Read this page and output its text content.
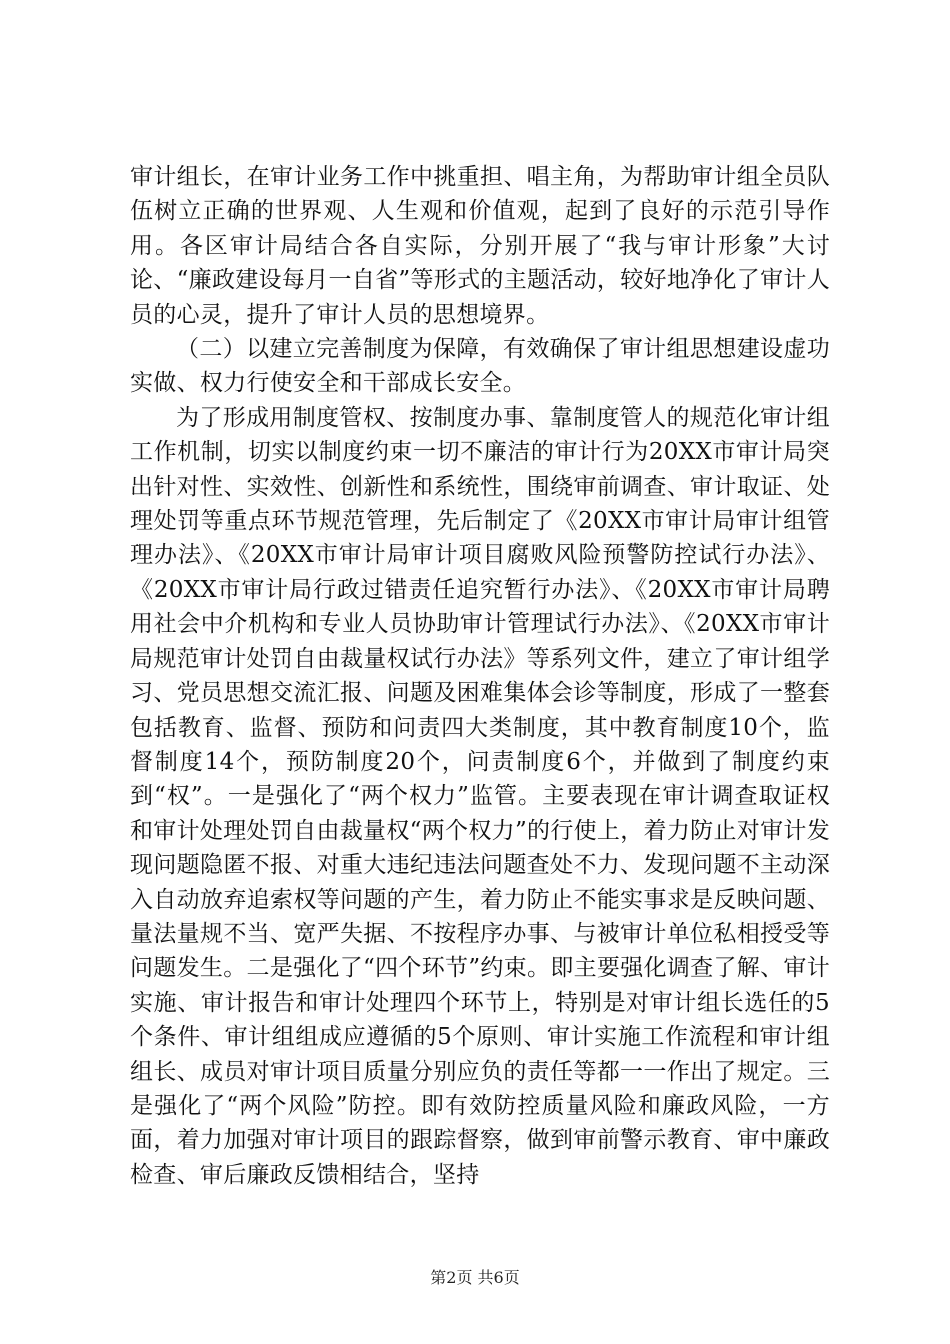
审计组长，在审计业务工作中挑重担、唱主角，为帮助审计组全员队伍树立正确的世界观、人生观和价值观，起到了良好的示范引导作用。各区审计局结合各自实际，分别开展了“我与审计形象”大讨论、“廉政建设每月一自省”等形式的主题活动，较好地净化了审计人员的心灵，提升了审计人员的思想境界。

（二）以建立完善制度为保障，有效确保了审计组思想建设虚功实做、权力行使安全和干部成长安全。

为了形成用制度管权、按制度办事、靠制度管人的规范化审计组工作机制，切实以制度约束一切不廉洁的审计行为20XX市审计局突出针对性、实效性、创新性和系统性，围绕审前调查、审计取证、处理处罚等重点环节规范管理，先后制定了《20XX市审计局审计组管理办法》、《20XX市审计局审计项目腐败风险预警防控试行办法》、《20XX市审计局行政过错责任追究暂行办法》、《20XX市审计局聘用社会中介机构和专业人员协助审计管理试行办法》、《20XX市审计局规范审计处罚自由裁量权试行办法》等系列文件，建立了审计组学习、党员思想交流汇报、问题及困难集体会诊等制度，形成了一整套包括教育、监督、预防和问责四大类制度，其中教育制度10个，监督制度14个，预防制度20个，问责制度6个，并做到了制度约束到“权”。一是强化了“两个权力”监管。主要表现在审计调查取证权和审计处理处罚自由裁量权“两个权力”的行使上，着力防止对审计发现问题隐匿不报、对重大违纪违法问题查处不力、发现问题不主动深入自动放弃追索权等问题的产生，着力防止不能实事求是反映问题、量法量规不当、宽严失据、不按程序办事、与被审计单位私相授受等问题发生。二是强化了“四个环节”约束。即主要强化调查了解、审计实施、审计报告和审计处理四个环节上，特别是对审计组长选任的5个条件、审计组组成应遵循的5个原则、审计实施工作流程和审计组组长、成员对审计项目质量分别应负的责任等都一一作出了规定。三是强化了“两个风险”防控。即有效防控质量风险和廉政风险，一方面，着力加强对审计项目的跟踪督察，做到审前警示教育、审中廉政检查、审后廉政反馈相结合，坚持

第2页 共6页
